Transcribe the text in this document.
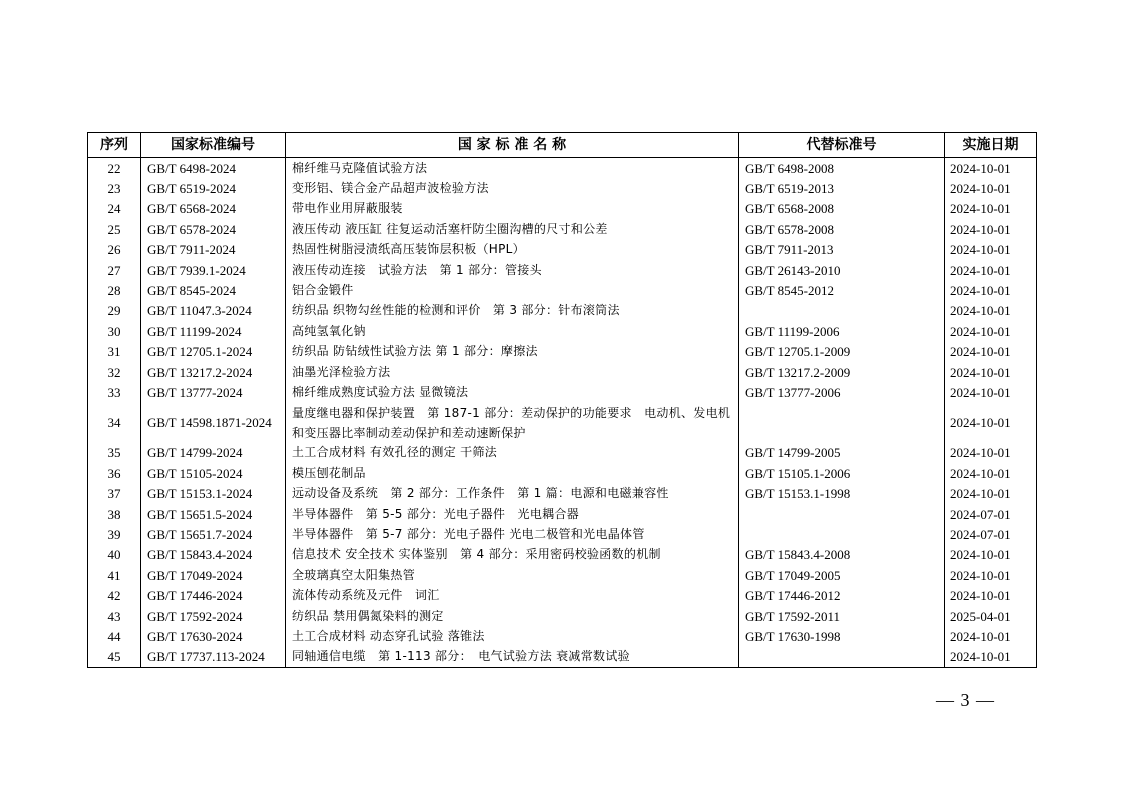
序列	国家标准编号	国 家 标 准 名 称	代替标准号	实施日期
22	GB/T 6498-2024	棉纤维马克隆值试验方法	GB/T 6498-2008	2024-10-01
23	GB/T 6519-2024	变形铝、镁合金产品超声波检验方法	GB/T 6519-2013	2024-10-01
24	GB/T 6568-2024	带电作业用屏蔽服装	GB/T 6568-2008	2024-10-01
25	GB/T 6578-2024	液压传动 液压缸 往复运动活塞杆防尘圈沟槽的尺寸和公差	GB/T 6578-2008	2024-10-01
26	GB/T 7911-2024	热固性树脂浸渍纸高压装饰层积板（HPL）	GB/T 7911-2013	2024-10-01
27	GB/T 7939.1-2024	液压传动连接　试验方法　第 1 部分：管接头	GB/T 26143-2010	2024-10-01
28	GB/T 8545-2024	铝合金锻件	GB/T 8545-2012	2024-10-01
29	GB/T 11047.3-2024	纺织品 织物勾丝性能的检测和评价　第 3 部分：针布滚筒法		2024-10-01
30	GB/T 11199-2024	高纯氢氧化钠	GB/T 11199-2006	2024-10-01
31	GB/T 12705.1-2024	纺织品 防钻绒性试验方法 第 1 部分：摩擦法	GB/T 12705.1-2009	2024-10-01
32	GB/T 13217.2-2024	油墨光泽检验方法	GB/T 13217.2-2009	2024-10-01
33	GB/T 13777-2024	棉纤维成熟度试验方法 显微镜法	GB/T 13777-2006	2024-10-01
34	GB/T 14598.1871-2024	量度继电器和保护装置　第 187-1 部分：差动保护的功能要求　电动机、发电机和变压器比率制动差动保护和差动速断保护		2024-10-01
35	GB/T 14799-2024	土工合成材料 有效孔径的测定 干筛法	GB/T 14799-2005	2024-10-01
36	GB/T 15105-2024	模压刨花制品	GB/T 15105.1-2006	2024-10-01
37	GB/T 15153.1-2024	远动设备及系统　第 2 部分：工作条件　第 1 篇：电源和电磁兼容性	GB/T 15153.1-1998	2024-10-01
38	GB/T 15651.5-2024	半导体器件　第 5-5 部分：光电子器件　光电耦合器		2024-07-01
39	GB/T 15651.7-2024	半导体器件　第 5-7 部分：光电子器件 光电二极管和光电晶体管		2024-07-01
40	GB/T 15843.4-2024	信息技术 安全技术 实体鉴别　第 4 部分：采用密码校验函数的机制	GB/T 15843.4-2008	2024-10-01
41	GB/T 17049-2024	全玻璃真空太阳集热管	GB/T 17049-2005	2024-10-01
42	GB/T 17446-2024	流体传动系统及元件　词汇	GB/T 17446-2012	2024-10-01
43	GB/T 17592-2024	纺织品 禁用偶氮染料的测定	GB/T 17592-2011	2025-04-01
44	GB/T 17630-2024	土工合成材料 动态穿孔试验 落锥法	GB/T 17630-1998	2024-10-01
45	GB/T 17737.113-2024	同轴通信电缆　第 1-113 部分：　电气试验方法 衰减常数试验		2024-10-01
— 3 —
